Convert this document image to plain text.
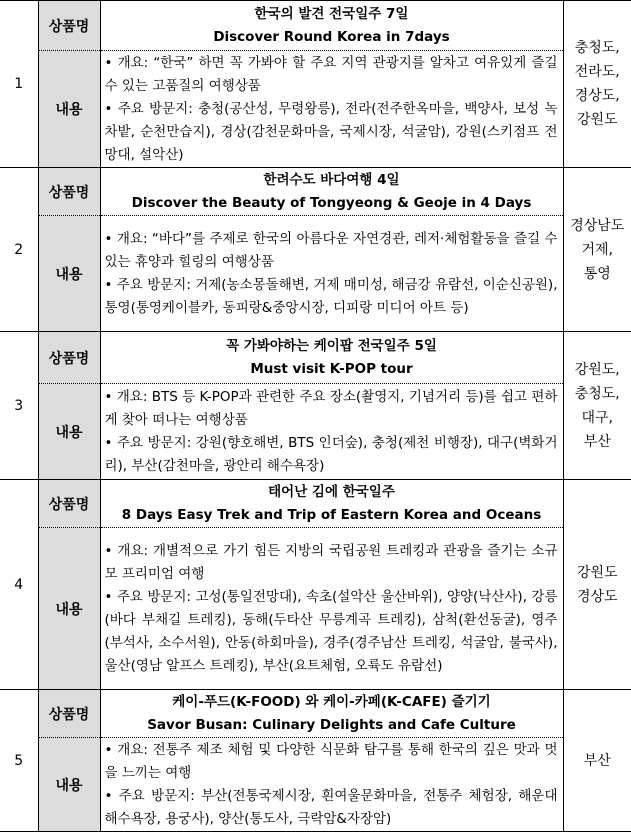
1	상품명	한국의 발견 전국일주 7일
Discover Round Korea in 7days	충청도,
전라도,
경상도,
강원도

	내용	• 개요: “한국” 하면 꼭 가봐야 할 주요 지역 관광지를 알차고 여유있게 즐길 수 있는 고품질의 여행상품
• 주요 방문지: 충청(공산성, 무령왕릉), 전라(전주한옥마을, 백양사, 보성 녹차밭, 순천만습지), 경상(감천문화마을, 국제시장, 석굴암), 강원(스키점프 전망대, 설악산)	

2	상품명	한려수도 바다여행 4일
Discover the Beauty of Tongyeong & Geoje in 4 Days	경상남도
거제,
통영

	내용	• 개요: “바다”를 주제로 한국의 아름다운 자연경관, 레저·체험활동을 즐길 수 있는 휴양과 힐링의 여행상품
• 주요 방문지: 거제(농소몽돌해변, 거제 매미성, 해금강 유람선, 이순신공원), 통영(통영케이블카, 동피랑&중앙시장, 디피랑 미디어 아트 등)	

3	상품명	꼭 가봐야하는 케이팝 전국일주 5일
Must visit K-POP tour	강원도,
충청도,
대구,
부산

	내용	• 개요: BTS 등 K-POP과 관련한 주요 장소(촬영지, 기념거리 등)를 쉽고 편하게 찾아 떠나는 여행상품
• 주요 방문지: 강원(향호해변, BTS 인더숲), 충청(제천 비행장), 대구(벽화거리), 부산(감천마을, 광안리 해수욕장)	

4	상품명	태어난 김에 한국일주
8 Days Easy Trek and Trip of Eastern Korea and Oceans	강원도
경상도

	내용	• 개요: 개별적으로 가기 힘든 지방의 국립공원 트레킹과 관광을 즐기는 소규모 프리미엄 여행
• 주요 방문지: 고성(통일전망대), 속초(설악산 울산바위), 양양(낙산사), 강릉(바다 부채길 트레킹), 동해(두타산 무릉계곡 트레킹), 삼척(환선동굴), 영주(부석사, 소수서원), 안동(하회마을), 경주(경주남산 트레킹, 석굴암, 불국사), 울산(영남 알프스 트레킹), 부산(요트체험, 오륙도 유람선)	

5	상품명	케이-푸드(K-FOOD) 와 케이-카페(K-CAFE) 즐기기
Savor Busan: Culinary Delights and Cafe Culture	부산

	내용	• 개요: 전통주 제조 체험 및 다양한 식문화 탐구를 통해 한국의 깊은 맛과 멋을 느끼는 여행
• 주요 방문지: 부산(전통국제시장, 흰여울문화마을, 전통주 체험장, 해운대 해수욕장, 용궁사), 양산(통도사, 극락암&자장암)	
